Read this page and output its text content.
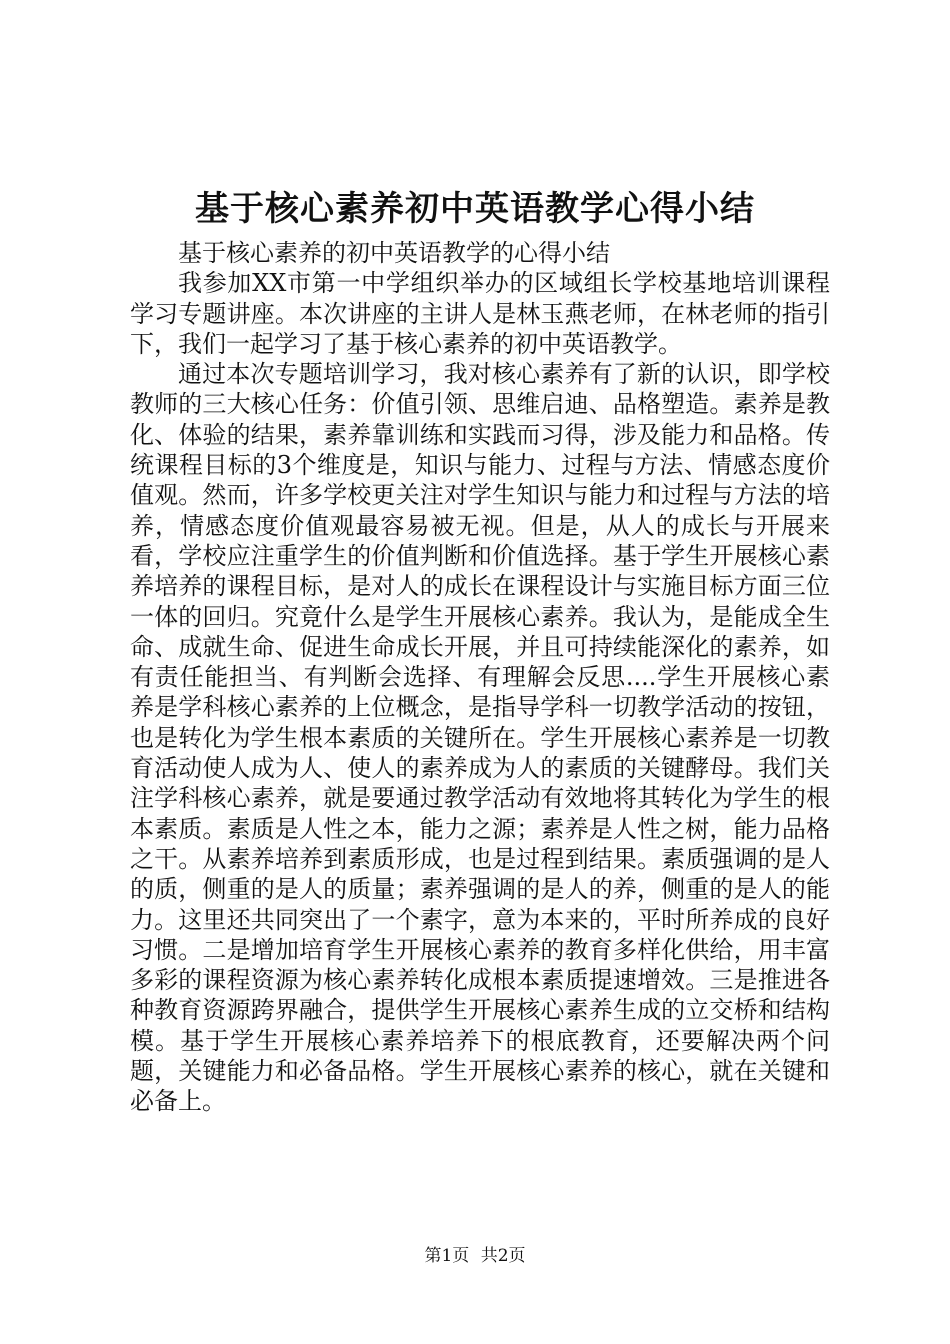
基于核心素养初中英语教学心得小结

基于核心素养的初中英语教学的心得小结

我参加XX市第一中学组织举办的区域组长学校基地培训课程学习专题讲座。本次讲座的主讲人是林玉燕老师，在林老师的指引下，我们一起学习了基于核心素养的初中英语教学。

通过本次专题培训学习，我对核心素养有了新的认识，即学校教师的三大核心任务：价值引领、思维启迪、品格塑造。素养是教化、体验的结果，素养靠训练和实践而习得，涉及能力和品格。传统课程目标的3个维度是，知识与能力、过程与方法、情感态度价值观。然而，许多学校更关注对学生知识与能力和过程与方法的培养，情感态度价值观最容易被无视。但是，从人的成长与开展来看，学校应注重学生的价值判断和价值选择。基于学生开展核心素养培养的课程目标，是对人的成长在课程设计与实施目标方面三位一体的回归。究竟什么是学生开展核心素养。我认为，是能成全生命、成就生命、促进生命成长开展，并且可持续能深化的素养，如有责任能担当、有判断会选择、有理解会反思....学生开展核心素养是学科核心素养的上位概念，是指导学科一切教学活动的按钮，也是转化为学生根本素质的关键所在。学生开展核心素养是一切教育活动使人成为人、使人的素养成为人的素质的关键酵母。我们关注学科核心素养，就是要通过教学活动有效地将其转化为学生的根本素质。素质是人性之本，能力之源；素养是人性之树，能力品格之干。从素养培养到素质形成，也是过程到结果。素质强调的是人的质，侧重的是人的质量；素养强调的是人的养，侧重的是人的能力。这里还共同突出了一个素字，意为本来的，平时所养成的良好习惯。二是增加培育学生开展核心素养的教育多样化供给，用丰富多彩的课程资源为核心素养转化成根本素质提速增效。三是推进各种教育资源跨界融合，提供学生开展核心素养生成的立交桥和结构模。基于学生开展核心素养培养下的根底教育，还要解决两个问题，关键能力和必备品格。学生开展核心素养的核心，就在关键和必备上。

第1页 共2页
